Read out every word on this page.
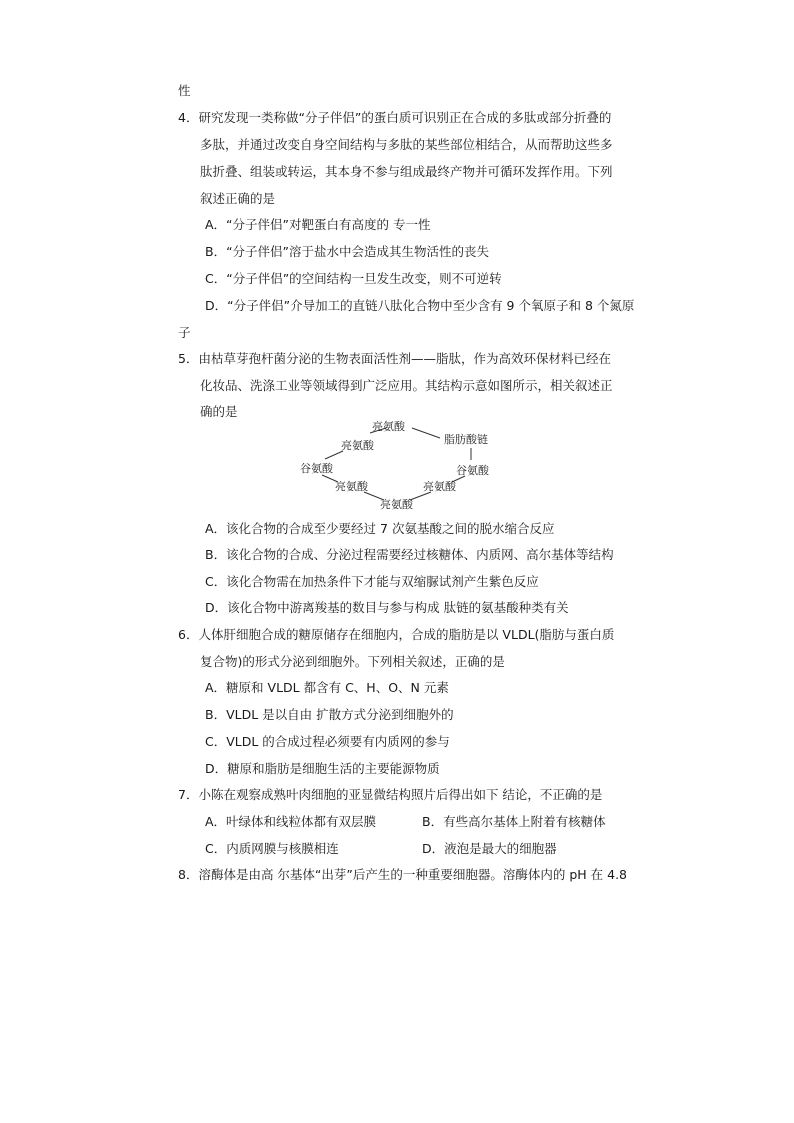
性
4．研究发现一类称做“分子伴侣”的蛋白质可识别正在合成的多肽或部分折叠的
多肽，并通过改变自身空间结构与多肽的某些部位相结合，从而帮助这些多
肽折叠、组装或转运，其本身不参与组成最终产物并可循环发挥作用。下列
叙述正确的是
A．“分子伴侣”对靶蛋白有高度的 专一性
B．“分子伴侣”溶于盐水中会造成其生物活性的丧失
C．“分子伴侣”的空间结构一旦发生改变，则不可逆转
D．“分子伴侣”介导加工的直链八肽化合物中至少含有 9 个氧原子和 8 个氮原
子
5．由枯草芽孢杆菌分泌的生物表面活性剂——脂肽，作为高效环保材料已经在
化妆品、洗涤工业等领域得到广泛应用。其结构示意如图所示，相关叙述正
确的是
亮氨酸
脂肪酸链
亮氨酸
谷氨酸	谷氨酸
亮氨酸	亮氨酸
亮氨酸
A．该化合物的合成至少要经过 7 次氨基酸之间的脱水缩合反应
B．该化合物的合成、分泌过程需要经过核糖体、内质网、高尔基体等结构
C．该化合物需在加热条件下才能与双缩脲试剂产生紫色反应
D．该化合物中游离羧基的数目与参与构成 肽链的氨基酸种类有关
6．人体肝细胞合成的糖原储存在细胞内，合成的脂肪是以 VLDL(脂肪与蛋白质
复合物)的形式分泌到细胞外。下列相关叙述，正确的是
A．糖原和 VLDL 都含有 C、H、O、N 元素
B．VLDL 是以自由 扩散方式分泌到细胞外的
C．VLDL 的合成过程必须要有内质网的参与
D．糖原和脂肪是细胞生活的主要能源物质
7．小陈在观察成熟叶肉细胞的亚显微结构照片后得出如下 结论，不正确的是
A．叶绿体和线粒体都有双层膜	B．有些高尔基体上附着有核糖体
C．内质网膜与核膜相连	D．液泡是最大的细胞器
8．溶酶体是由高 尔基体“出芽”后产生的一种重要细胞器。溶酶体内的 pH 在 4.8
